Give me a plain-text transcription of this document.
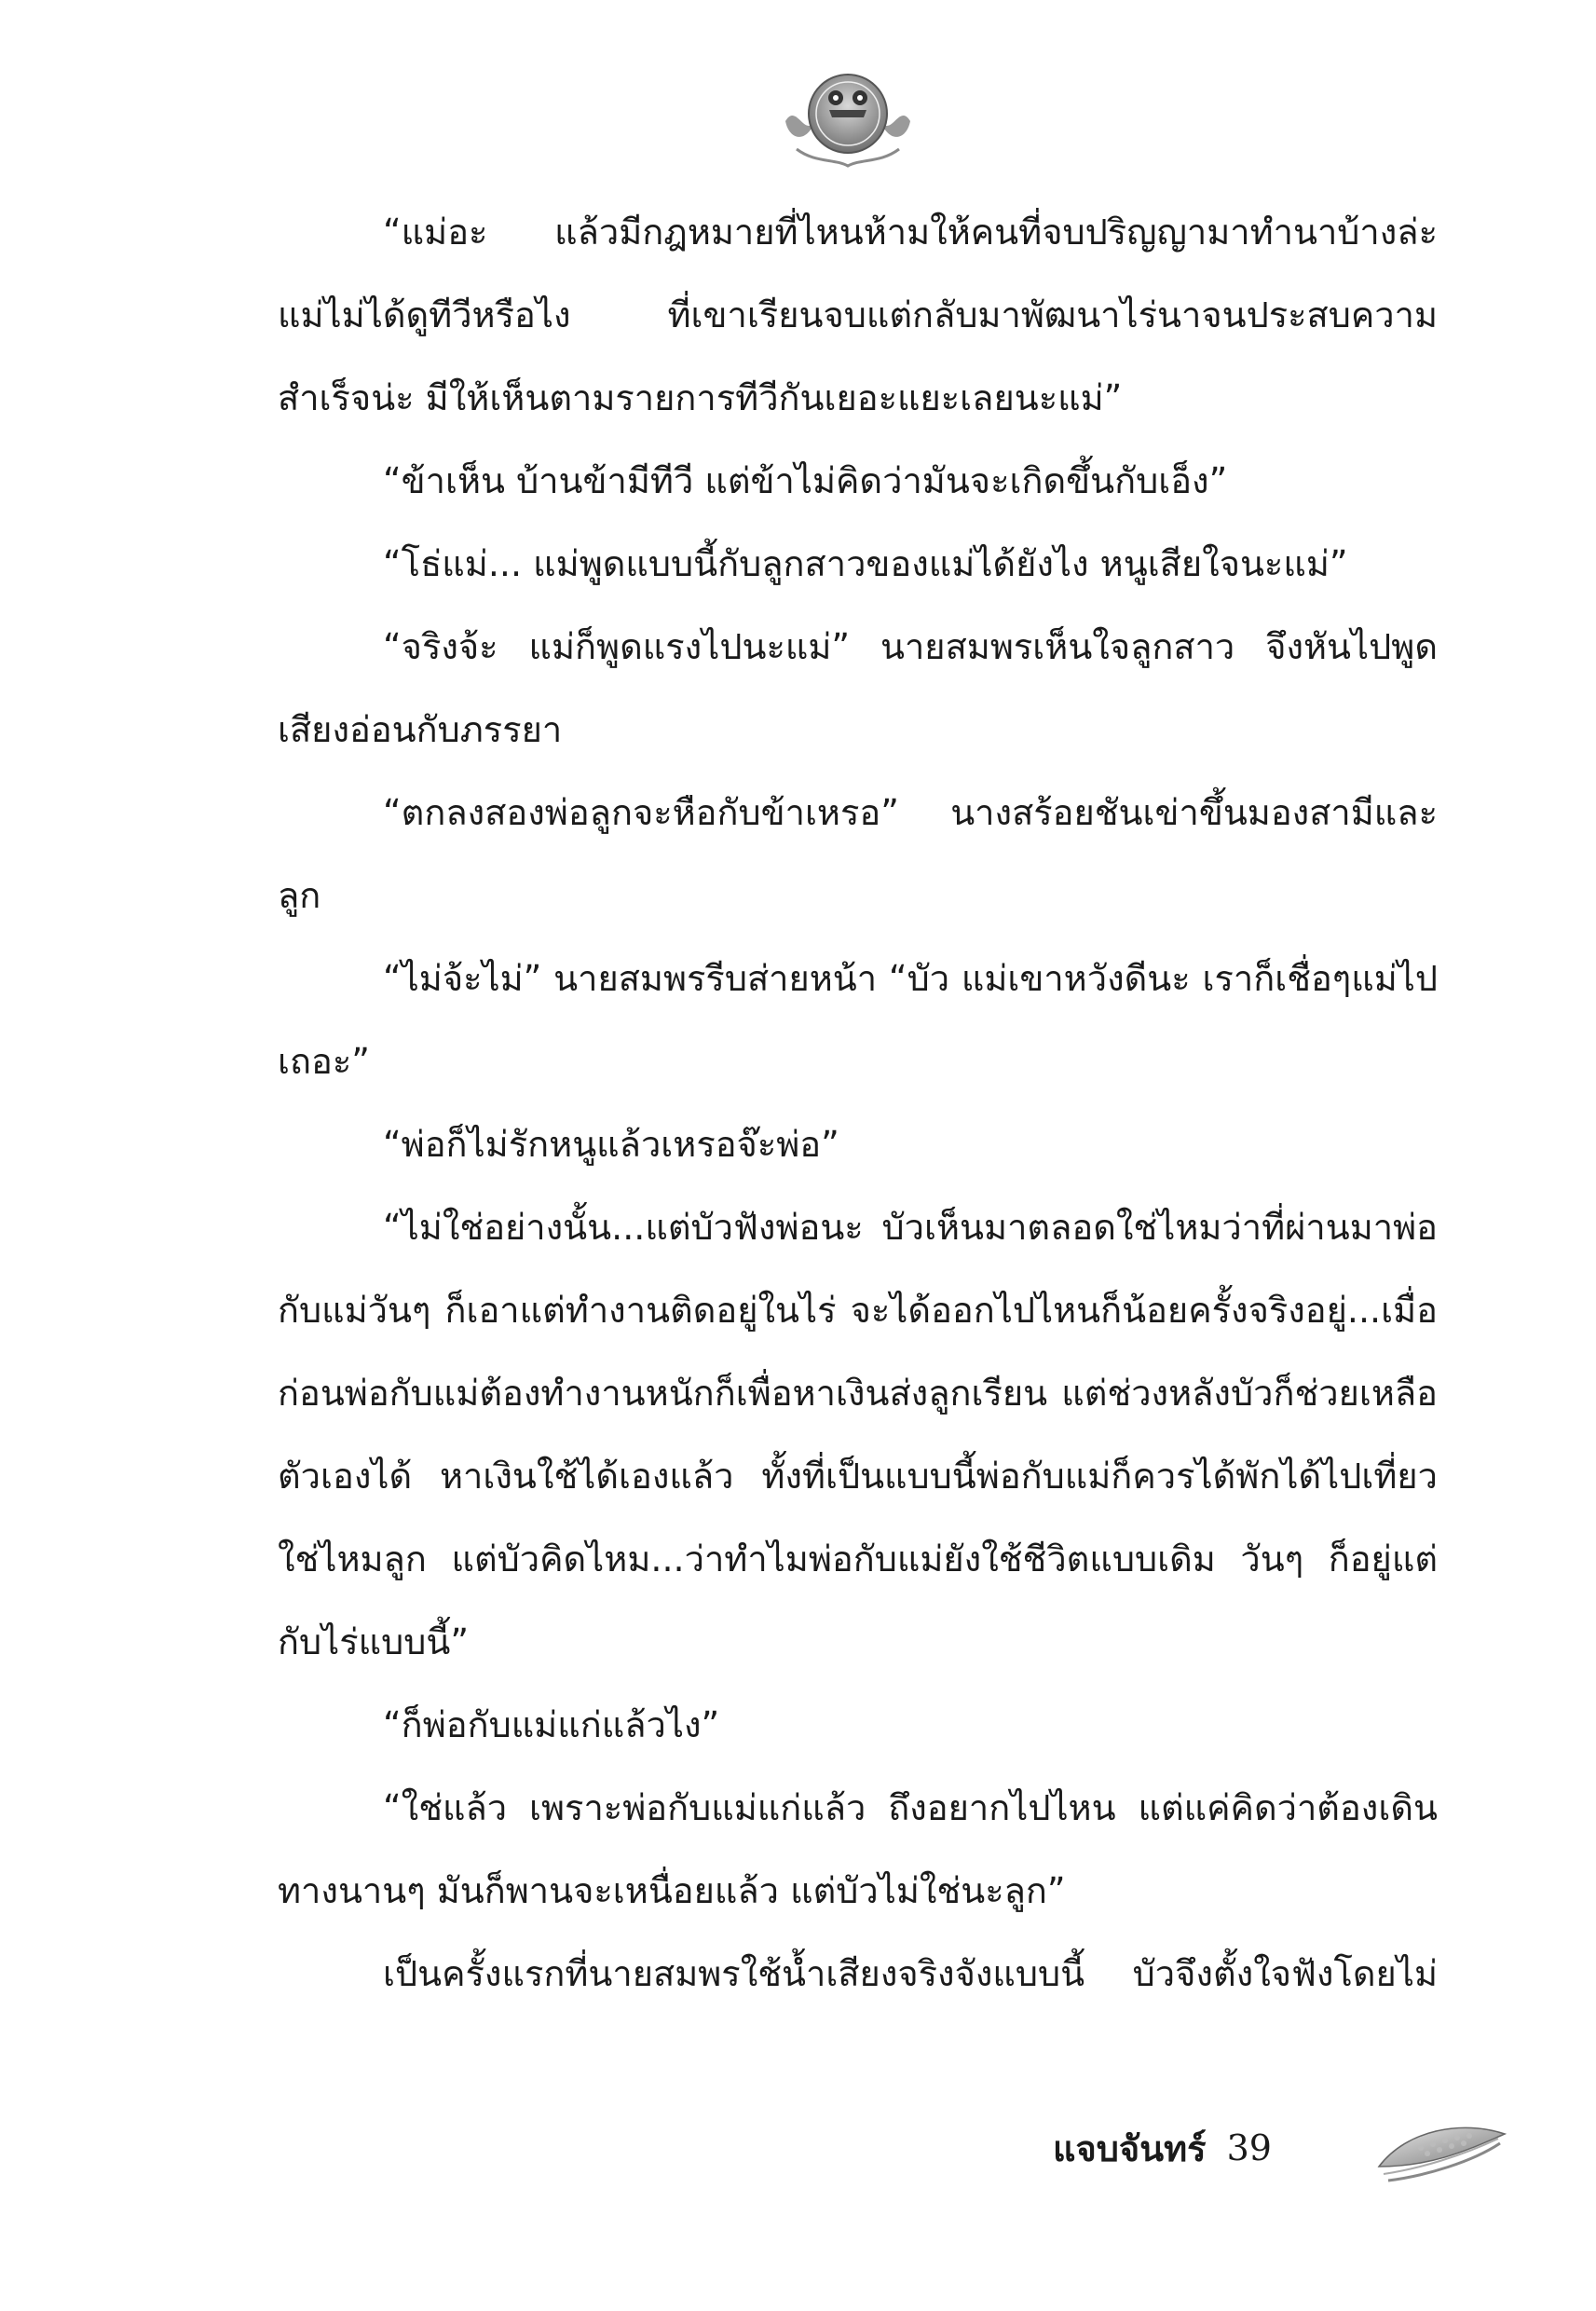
“แม่อะ แล้วมีกฎหมายที่ไหนห้ามให้คนที่จบปริญญามาทำนาบ้างล่ะ แม่ไม่ได้ดูทีวีหรือไง ที่เขาเรียนจบแต่กลับมาพัฒนาไร่นาจนประสบความสำเร็จน่ะ มีให้เห็นตามรายการทีวีกันเยอะแยะเลยนะแม่”

“ข้าเห็น บ้านข้ามีทีวี แต่ข้าไม่คิดว่ามันจะเกิดขึ้นกับเอ็ง”

“โธ่แม่... แม่พูดแบบนี้กับลูกสาวของแม่ได้ยังไง หนูเสียใจนะแม่”

“จริงจ้ะ แม่ก็พูดแรงไปนะแม่” นายสมพรเห็นใจลูกสาว จึงหันไปพูดเสียงอ่อนกับภรรยา

“ตกลงสองพ่อลูกจะหือกับข้าเหรอ” นางสร้อยชันเข่าขึ้นมองสามีและลูก

“ไม่จ้ะไม่” นายสมพรรีบส่ายหน้า “บัว แม่เขาหวังดีนะ เราก็เชื่อๆแม่ไปเถอะ”

“พ่อก็ไม่รักหนูแล้วเหรอจ๊ะพ่อ”

“ไม่ใช่อย่างนั้น...แต่บัวฟังพ่อนะ บัวเห็นมาตลอดใช่ไหมว่าที่ผ่านมาพ่อกับแม่วันๆ ก็เอาแต่ทำงานติดอยู่ในไร่ จะได้ออกไปไหนก็น้อยครั้งจริงอยู่...เมื่อก่อนพ่อกับแม่ต้องทำงานหนักก็เพื่อหาเงินส่งลูกเรียน แต่ช่วงหลังบัวก็ช่วยเหลือตัวเองได้ หาเงินใช้ได้เองแล้ว ทั้งที่เป็นแบบนี้พ่อกับแม่ก็ควรได้พักได้ไปเที่ยวใช่ไหมลูก แต่บัวคิดไหม...ว่าทำไมพ่อกับแม่ยังใช้ชีวิตแบบเดิม วันๆ ก็อยู่แต่กับไร่แบบนี้”

“ก็พ่อกับแม่แก่แล้วไง”

“ใช่แล้ว เพราะพ่อกับแม่แก่แล้ว ถึงอยากไปไหน แต่แค่คิดว่าต้องเดินทางนานๆ มันก็พานจะเหนื่อยแล้ว แต่บัวไม่ใช่นะลูก”

เป็นครั้งแรกที่นายสมพรใช้น้ำเสียงจริงจังแบบนี้ บัวจึงตั้งใจฟังโดยไม่

แจบจันทร์ 39
